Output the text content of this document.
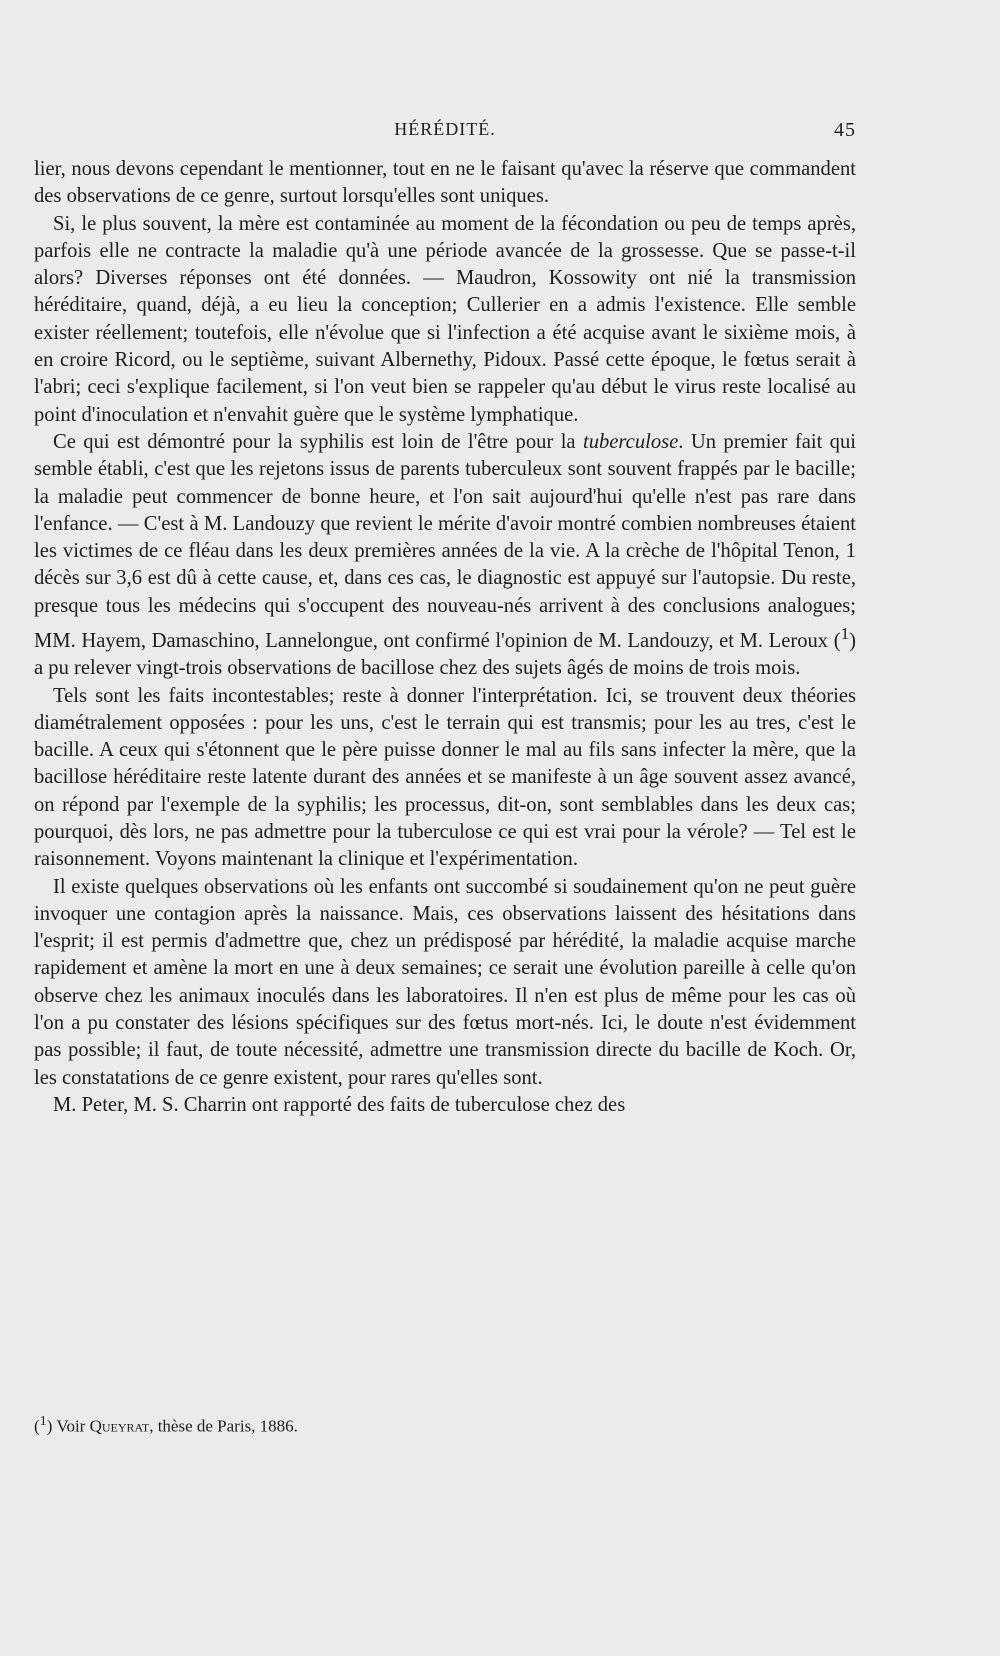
HÉRÉDITÉ.	45

lier, nous devons cependant le mentionner, tout en ne le faisant qu'avec la réserve que commandent des observations de ce genre, surtout lorsqu'elles sont uniques.

Si, le plus souvent, la mère est contaminée au moment de la fécondation ou peu de temps après, parfois elle ne contracte la maladie qu'à une période avancée de la grossesse. Que se passe-t-il alors? Diverses réponses ont été données. — Maudron, Kossowity ont nié la transmission héréditaire, quand, déjà, a eu lieu la conception; Cullerier en a admis l'existence. Elle semble exister réellement; toutefois, elle n'évolue que si l'infection a été acquise avant le sixième mois, à en croire Ricord, ou le septième, suivant Albernethy, Pidoux. Passé cette époque, le fœtus serait à l'abri; ceci s'explique facilement, si l'on veut bien se rappeler qu'au début le virus reste localisé au point d'inoculation et n'envahit guère que le système lymphatique.

Ce qui est démontré pour la syphilis est loin de l'être pour la tuberculose. Un premier fait qui semble établi, c'est que les rejetons issus de parents tuberculeux sont souvent frappés par le bacille; la maladie peut commencer de bonne heure, et l'on sait aujourd'hui qu'elle n'est pas rare dans l'enfance. — C'est à M. Landouzy que revient le mérite d'avoir montré combien nombreuses étaient les victimes de ce fléau dans les deux premières années de la vie. A la crèche de l'hôpital Tenon, 1 décès sur 3,6 est dû à cette cause, et, dans ces cas, le diagnostic est appuyé sur l'autopsie. Du reste, presque tous les médecins qui s'occupent des nouveau-nés arrivent à des conclusions analogues; MM. Hayem, Damaschino, Lannelongue, ont confirmé l'opinion de M. Landouzy, et M. Leroux ($^1$) a pu relever vingt-trois observations de bacillose chez des sujets âgés de moins de trois mois.

Tels sont les faits incontestables; reste à donner l'interprétation. Ici, se trouvent deux théories diamétralement opposées : pour les uns, c'est le terrain qui est transmis; pour les au tres, c'est le bacille. A ceux qui s'étonnent que le père puisse donner le mal au fils sans infecter la mère, que la bacillose héréditaire reste latente durant des années et se manifeste à un âge souvent assez avancé, on répond par l'exemple de la syphilis; les processus, dit-on, sont semblables dans les deux cas; pourquoi, dès lors, ne pas admettre pour la tuberculose ce qui est vrai pour la vérole? — Tel est le raisonnement. Voyons maintenant la clinique et l'expérimentation.

Il existe quelques observations où les enfants ont succombé si soudainement qu'on ne peut guère invoquer une contagion après la naissance. Mais, ces observations laissent des hésitations dans l'esprit; il est permis d'admettre que, chez un prédisposé par hérédité, la maladie acquise marche rapidement et amène la mort en une à deux semaines; ce serait une évolution pareille à celle qu'on observe chez les animaux inoculés dans les laboratoires. Il n'en est plus de même pour les cas où l'on a pu constater des lésions spécifiques sur des fœtus mort-nés. Ici, le doute n'est évidemment pas possible; il faut, de toute nécessité, admettre une transmission directe du bacille de Koch. Or, les constatations de ce genre existent, pour rares qu'elles sont.

M. Peter, M. S. Charrin ont rapporté des faits de tuberculose chez des

($^1$) Voir Queyrat, thèse de Paris, 1886.
